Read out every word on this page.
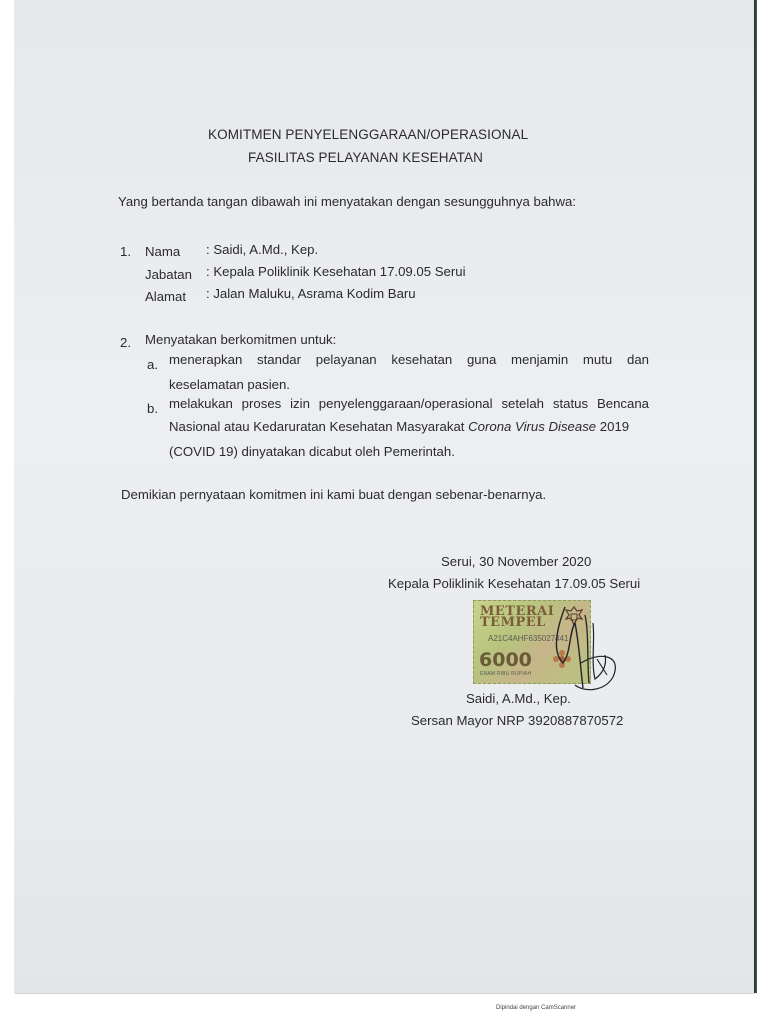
KOMITMEN PENYELENGGARAAN/OPERASIONAL
FASILITAS PELAYANAN KESEHATAN
Yang bertanda tangan dibawah ini menyatakan dengan sesungguhnya bahwa:
1. Nama : Saidi, A.Md., Kep.
Jabatan : Kepala Poliklinik Kesehatan 17.09.05 Serui
Alamat : Jalan Maluku, Asrama Kodim Baru
2. Menyatakan berkomitmen untuk:
a. menerapkan standar pelayanan kesehatan guna menjamin mutu dan
keselamatan pasien.
b. melakukan proses izin penyelenggaraan/operasional setelah status Bencana
Nasional atau Kedaruratan Kesehatan Masyarakat Corona Virus Disease 2019
(COVID 19) dinyatakan dicabut oleh Pemerintah.
Demikian pernyataan komitmen ini kami buat dengan sebenar-benarnya.
Serui, 30 November 2020
Kepala Poliklinik Kesehatan 17.09.05 Serui
METERAI
TEMPEL
A21C4AHF635027441
6000
ENAM RIBU RUPIAH
Saidi, A.Md., Kep.
Sersan Mayor NRP 3920887870572
Dipindai dengan CamScanner
